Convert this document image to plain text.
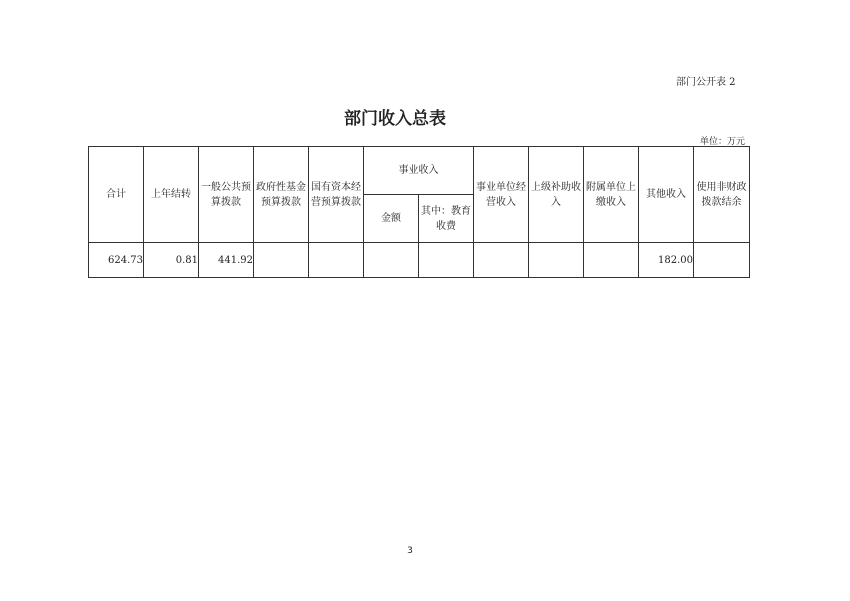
部门公开表 2
部门收入总表
单位：万元
合计	上年结转	一般公共预算拨款	政府性基金预算拨款	国有资本经营预算拨款	事业收入		事业单位经营收入	上级补助收入	附属单位上缴收入	其他收入	使用非财政拨款结余
					金额	其中：教育收费					
624.73	0.81	441.92								182.00	
3
